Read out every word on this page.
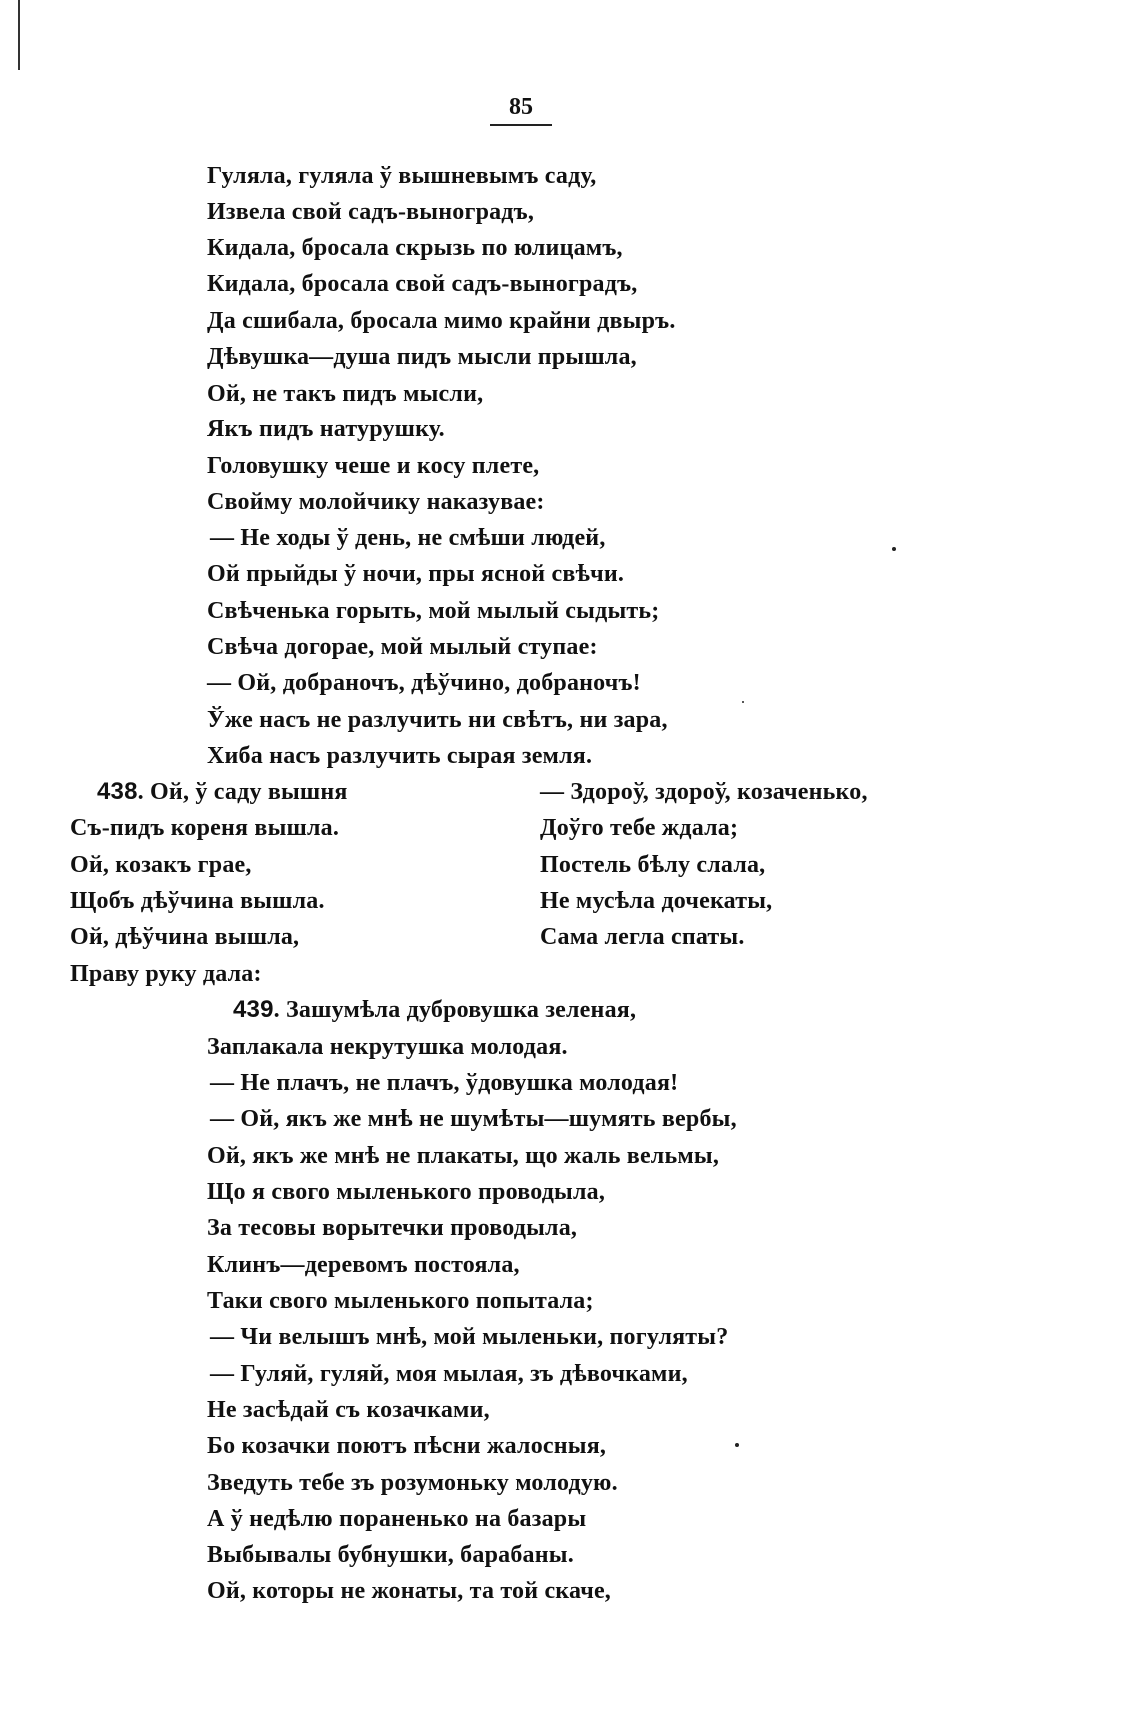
85
Гуляла, гуляла ў вышневымъ саду,
Извела свой садъ-выноградъ,
Кидала, бросала скрызь по юлицамъ,
Кидала, бросала свой садъ-выноградъ,
Да сшибала, бросала мимо крайни двыръ.
Дѣвушка—душа пидъ мысли прышла,
Ой, не такъ пидъ мысли,
Якъ пидъ натурушку.
Головушку чеше и косу плете,
Свойму молойчику наказувае:
— Не ходы ў день, не смѣши людей,
Ой прыйды ў ночи, пры ясной свѣчи.
Свѣченька горыть, мой мылый сыдыть;
Свѣча догорае, мой мылый ступае:
— Ой, добраночъ, дѣўчино, добраночъ!
Ўже насъ не разлучить ни свѣтъ, ни зара,
Хиба насъ разлучить сырая земля.
438. Ой, ў саду вышня
Съ-пидъ кореня вышла.
Ой, козакъ грае,
Щобъ дѣўчина вышла.
Ой, дѣўчина вышла,
Праву руку дала:
— Здороў, здороў, козаченько,
Доўго тебе ждала;
Постель бѣлу слала,
Не мусѣла дочекаты,
Сама легла спаты.
439. Зашумѣла дубровушка зеленая,
Заплакала некрутушка молодая.
— Не плачъ, не плачъ, ўдовушка молодая!
— Ой, якъ же мнѣ не шумѣты—шумять вербы,
Ой, якъ же мнѣ не плакаты, що жаль вельмы,
Що я свого мыленького проводыла,
За тесовы ворытечки проводыла,
Клинъ—деревомъ постояла,
Таки свого мыленького попытала;
— Чи велышъ мнѣ, мой мыленьки, погуляты?
— Гуляй, гуляй, моя мылая, зъ дѣвочками,
Не засѣдай съ козачками,
Бо козачки поютъ пѣсни жалосныя,
Зведуть тебе зъ розумоньку молодую.
А ў недѣлю пораненько на базары
Выбывалы бубнушки, барабаны.
Ой, которы не жонаты, та той скаче,
